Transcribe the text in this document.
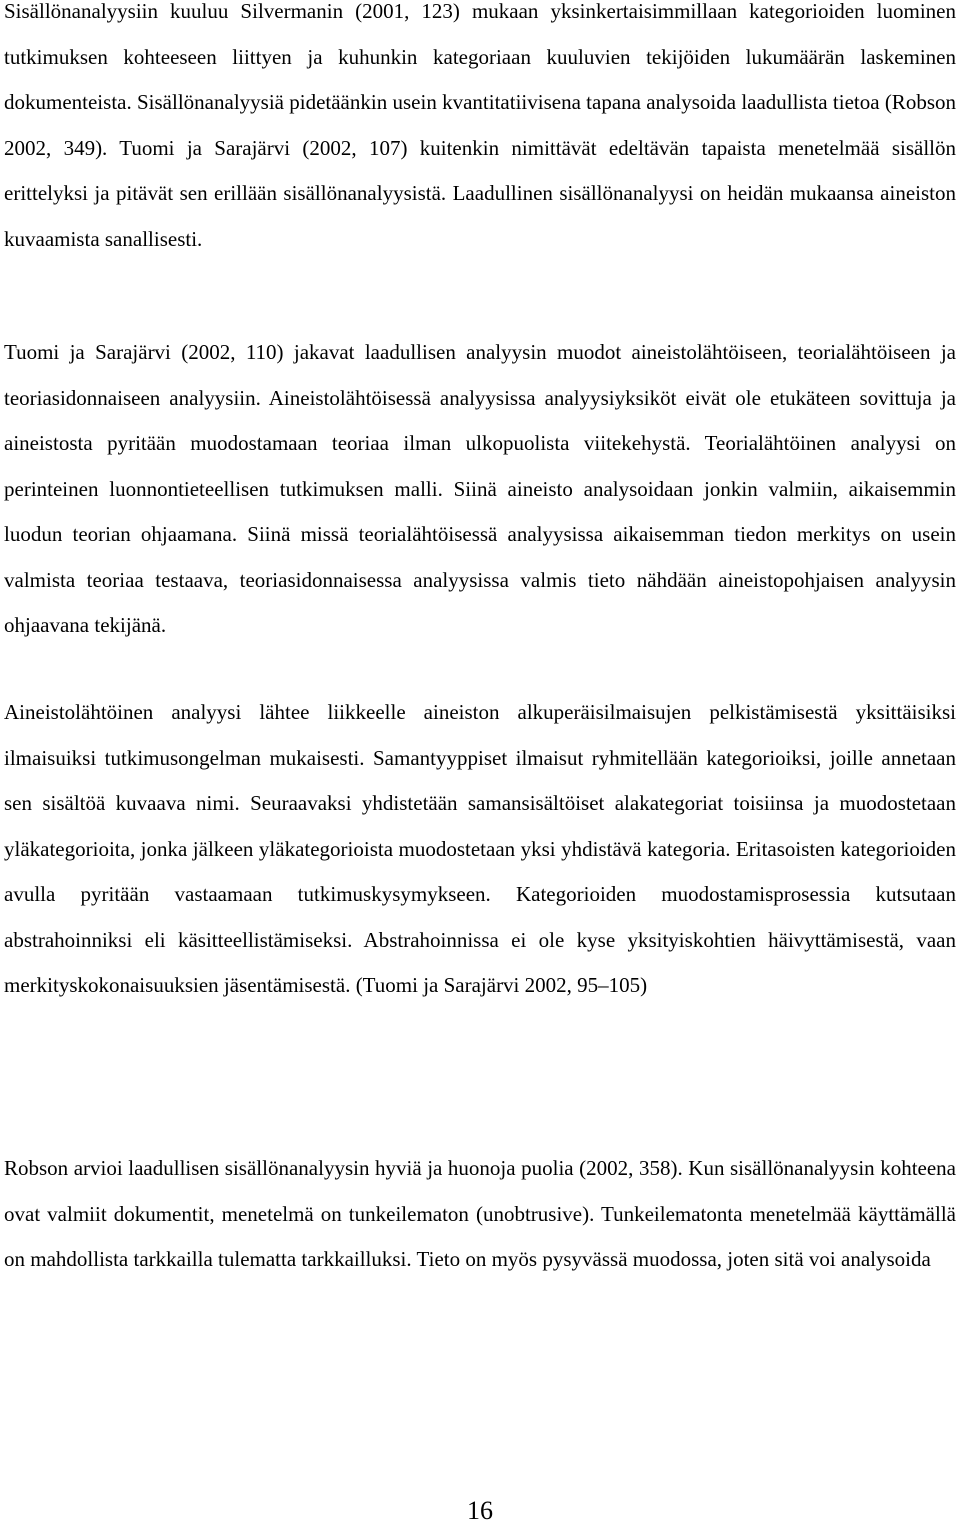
Sisällönanalyysiin kuuluu Silvermanin (2001, 123) mukaan yksinkertaisimmillaan kategorioiden luominen tutkimuksen kohteeseen liittyen ja kuhunkin kategoriaan kuuluvien tekijöiden lukumäärän laskeminen dokumenteista. Sisällönanalyysiä pidetäänkin usein kvantitatiivisena tapana analysoida laadullista tietoa (Robson 2002, 349). Tuomi ja Sarajärvi (2002, 107) kuitenkin nimittävät edeltävän tapaista menetelmää sisällön erittelyksi ja pitävät sen erillään sisällönanalyysistä. Laadullinen sisällönanalyysi on heidän mukaansa aineiston kuvaamista sanallisesti.

Tuomi ja Sarajärvi (2002, 110) jakavat laadullisen analyysin muodot aineistolähtöiseen, teorialähtöiseen ja teoriasidonnaiseen analyysiin. Aineistolähtöisessä analyysissa analyysiyksiköt eivät ole etukäteen sovittuja ja aineistosta pyritään muodostamaan teoriaa ilman ulkopuolista viitekehystä. Teorialähtöinen analyysi on perinteinen luonnontieteellisen tutkimuksen malli. Siinä aineisto analysoidaan jonkin valmiin, aikaisemmin luodun teorian ohjaamana. Siinä missä teorialähtöisessä analyysissa aikaisemman tiedon merkitys on usein valmista teoriaa testaava, teoriasidonnaisessa analyysissa valmis tieto nähdään aineistopohjaisen analyysin ohjaavana tekijänä.

Aineistolähtöinen analyysi lähtee liikkeelle aineiston alkuperäisilmaisujen pelkistämisestä yksittäisiksi ilmaisuiksi tutkimusongelman mukaisesti. Samantyyppiset ilmaisut ryhmitellään kategorioiksi, joille annetaan sen sisältöä kuvaava nimi. Seuraavaksi yhdistetään samansisältöiset alakategoriat toisiinsa ja muodostetaan yläkategorioita, jonka jälkeen yläkategorioista muodostetaan yksi yhdistävä kategoria. Eritasoisten kategorioiden avulla pyritään vastaamaan tutkimuskysymykseen. Kategorioiden muodostamisprosessia kutsutaan abstrahoinniksi eli käsitteellistämiseksi. Abstrahoinnissa ei ole kyse yksityiskohtien häivyttämisestä, vaan merkityskokonaisuuksien jäsentämisestä. (Tuomi ja Sarajärvi 2002, 95–105)

Robson arvioi laadullisen sisällönanalyysin hyviä ja huonoja puolia (2002, 358). Kun sisällönanalyysin kohteena ovat valmiit dokumentit, menetelmä on tunkeilematon (unobtrusive). Tunkeilematonta menetelmää käyttämällä on mahdollista tarkkailla tulematta tarkkailluksi. Tieto on myös pysyvässä muodossa, joten sitä voi analysoida

16
